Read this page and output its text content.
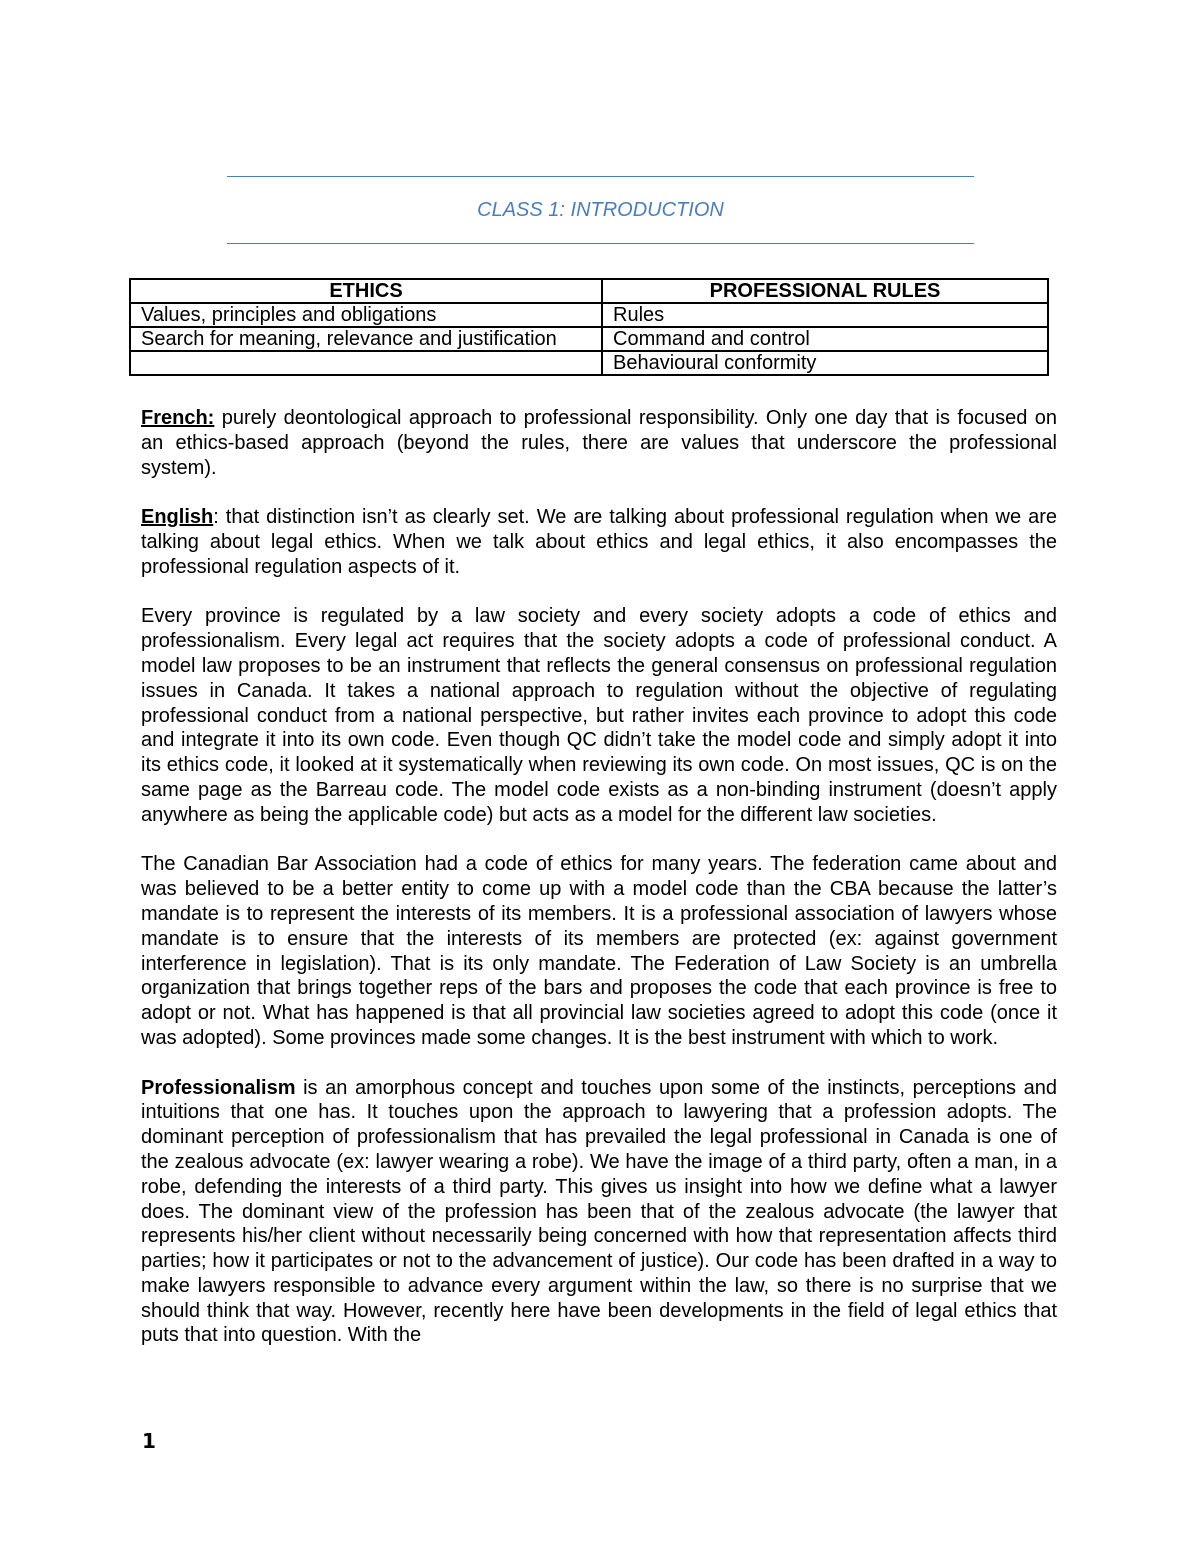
CLASS 1: INTRODUCTION
ETHICS	PROFESSIONAL RULES
Values, principles and obligations	Rules
Search for meaning, relevance and justification	Command and control
	Behavioural conformity

French: purely deontological approach to professional responsibility. Only one day that is focused on an ethics-based approach (beyond the rules, there are values that underscore the professional system).

English: that distinction isn’t as clearly set. We are talking about professional regulation when we are talking about legal ethics. When we talk about ethics and legal ethics, it also encompasses the professional regulation aspects of it.

Every province is regulated by a law society and every society adopts a code of ethics and professionalism. Every legal act requires that the society adopts a code of professional conduct. A model law proposes to be an instrument that reflects the general consensus on professional regulation issues in Canada. It takes a national approach to regulation without the objective of regulating professional conduct from a national perspective, but rather invites each province to adopt this code and integrate it into its own code. Even though QC didn’t take the model code and simply adopt it into its ethics code, it looked at it systematically when reviewing its own code. On most issues, QC is on the same page as the Barreau code. The model code exists as a non-binding instrument (doesn’t apply anywhere as being the applicable code) but acts as a model for the different law societies.

The Canadian Bar Association had a code of ethics for many years. The federation came about and was believed to be a better entity to come up with a model code than the CBA because the latter’s mandate is to represent the interests of its members. It is a professional association of lawyers whose mandate is to ensure that the interests of its members are protected (ex: against government interference in legislation). That is its only mandate. The Federation of Law Society is an umbrella organization that brings together reps of the bars and proposes the code that each province is free to adopt or not. What has happened is that all provincial law societies agreed to adopt this code (once it was adopted). Some provinces made some changes. It is the best instrument with which to work.

Professionalism is an amorphous concept and touches upon some of the instincts, perceptions and intuitions that one has. It touches upon the approach to lawyering that a profession adopts. The dominant perception of professionalism that has prevailed the legal professional in Canada is one of the zealous advocate (ex: lawyer wearing a robe). We have the image of a third party, often a man, in a robe, defending the interests of a third party. This gives us insight into how we define what a lawyer does. The dominant view of the profession has been that of the zealous advocate (the lawyer that represents his/her client without necessarily being concerned with how that representation affects third parties; how it participates or not to the advancement of justice). Our code has been drafted in a way to make lawyers responsible to advance every argument within the law, so there is no surprise that we should think that way. However, recently here have been developments in the field of legal ethics that puts that into question. With the

1
